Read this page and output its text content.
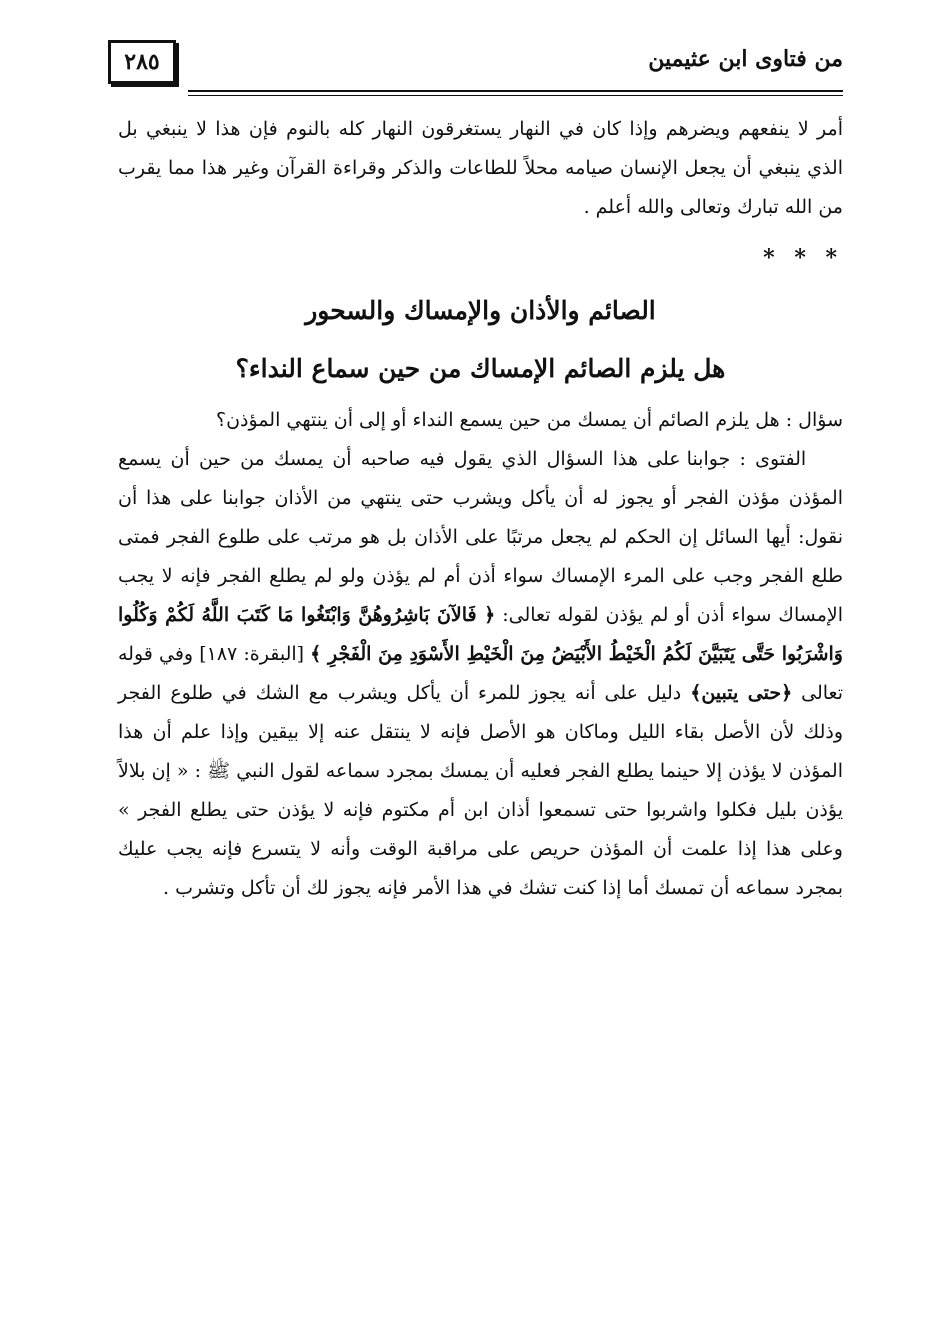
من فتاوى ابن عثيمين
٢٨٥

أمر لا ينفعهم ويضرهم وإذا كان في النهار يستغرقون النهار كله بالنوم فإن هذا لا ينبغي بل الذي ينبغي أن يجعل الإنسان صيامه محلاً للطاعات والذكر وقراءة القرآن وغير هذا مما يقرب من الله تبارك وتعالى والله أعلم .

* * *
الصائم والأذان والإمساك والسحور
هل يلزم الصائم الإمساك من حين سماع النداء؟

سؤال : هل يلزم الصائم أن يمسك من حين يسمع النداء أو إلى أن ينتهي المؤذن؟

الفتوى : جوابنا على هذا السؤال الذي يقول فيه صاحبه أن يمسك من حين أن يسمع المؤذن مؤذن الفجر أو يجوز له أن يأكل ويشرب حتى ينتهي من الأذان جوابنا على هذا أن نقول: أيها السائل إن الحكم لم يجعل مرتبًا على الأذان بل هو مرتب على طلوع الفجر فمتى طلع الفجر وجب على المرء الإمساك سواء أذن أم لم يؤذن ولو لم يطلع الفجر فإنه لا يجب الإمساك سواء أذن أو لم يؤذن لقوله تعالى: ﴿ فَالآنَ بَاشِرُوهُنَّ وَابْتَغُوا مَا كَتَبَ اللَّهُ لَكُمْ وَكُلُوا وَاشْرَبُوا حَتَّى يَتَبَيَّنَ لَكُمُ الْخَيْطُ الأَبْيَضُ مِنَ الْخَيْطِ الأَسْوَدِ مِنَ الْفَجْرِ ﴾ [البقرة: ١٨٧] وفي قوله تعالى ﴿حتى يتبين﴾ دليل على أنه يجوز للمرء أن يأكل ويشرب مع الشك في طلوع الفجر وذلك لأن الأصل بقاء الليل وماكان هو الأصل فإنه لا ينتقل عنه إلا بيقين وإذا علم أن هذا المؤذن لا يؤذن إلا حينما يطلع الفجر فعليه أن يمسك بمجرد سماعه لقول النبي ﷺ : « إن بلالاً يؤذن بليل فكلوا واشربوا حتى تسمعوا أذان ابن أم مكتوم فإنه لا يؤذن حتى يطلع الفجر » وعلى هذا إذا علمت أن المؤذن حريص على مراقبة الوقت وأنه لا يتسرع فإنه يجب عليك بمجرد سماعه أن تمسك أما إذا كنت تشك في هذا الأمر فإنه يجوز لك أن تأكل وتشرب .
